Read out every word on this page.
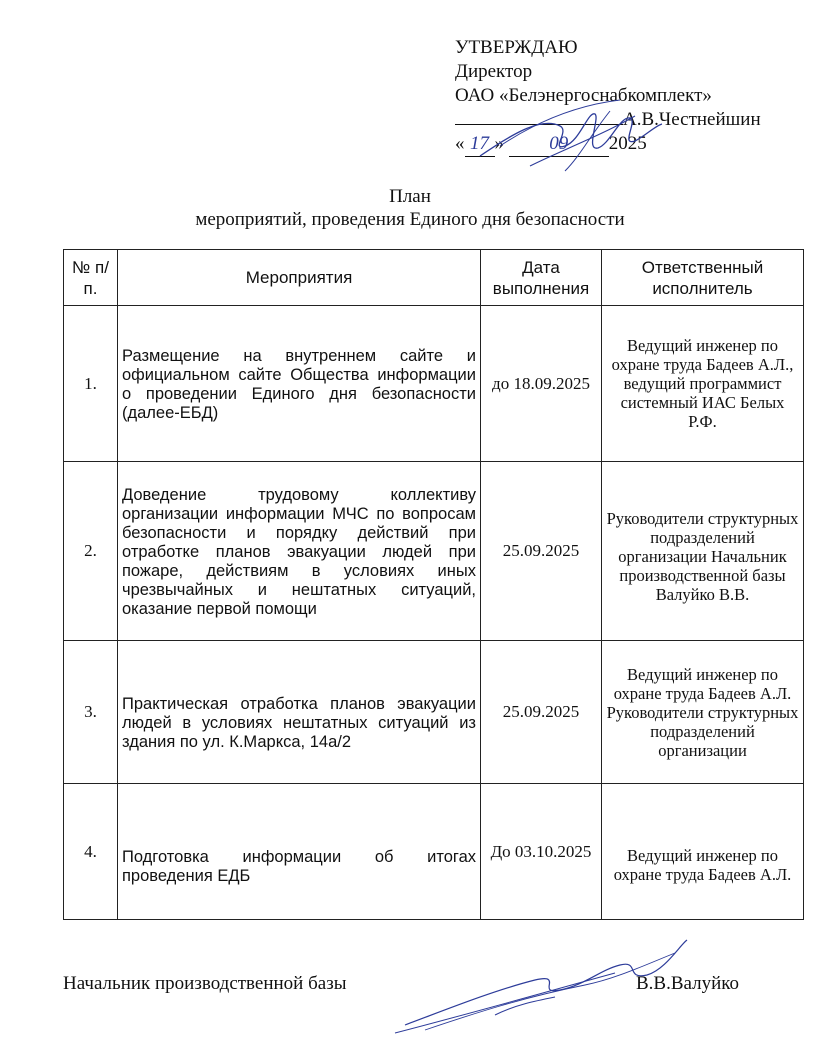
УТВЕРЖДАЮ
Директор
ОАО «Белэнергоснабкомплект»
А.В.Честнейшин
« 17 » 09 2025
План
мероприятий, проведения Единого дня безопасности
№ п/п.	Мероприятия	Дата выполнения	Ответственный исполнитель
1.	Размещение на внутреннем сайте и официальном сайте Общества информации о проведении Единого дня безопасности (далее-ЕБД)	до 18.09.2025	Ведущий инженер по охране труда Бадеев А.Л., ведущий программист системный ИАС Белых Р.Ф.
2.	Доведение трудовому коллективу организации информации МЧС по вопросам безопасности и порядку действий при отработке планов эвакуации людей при пожаре, действиям в условиях иных чрезвычайных и нештатных ситуаций, оказание первой помощи	25.09.2025	Руководители структурных подразделений организации Начальник производственной базы Валуйко В.В.

3.	Практическая отработка планов эвакуации людей в условиях нештатных ситуаций из здания по ул. К.Маркса, 14а/2	25.09.2025	Ведущий инженер по охране труда Бадеев А.Л. Руководители структурных подразделений организации
4.	Подготовка информации об итогах проведения ЕДБ	До 03.10.2025	Ведущий инженер по охране труда Бадеев А.Л.
Начальник производственной базы	В.В.Валуйко
